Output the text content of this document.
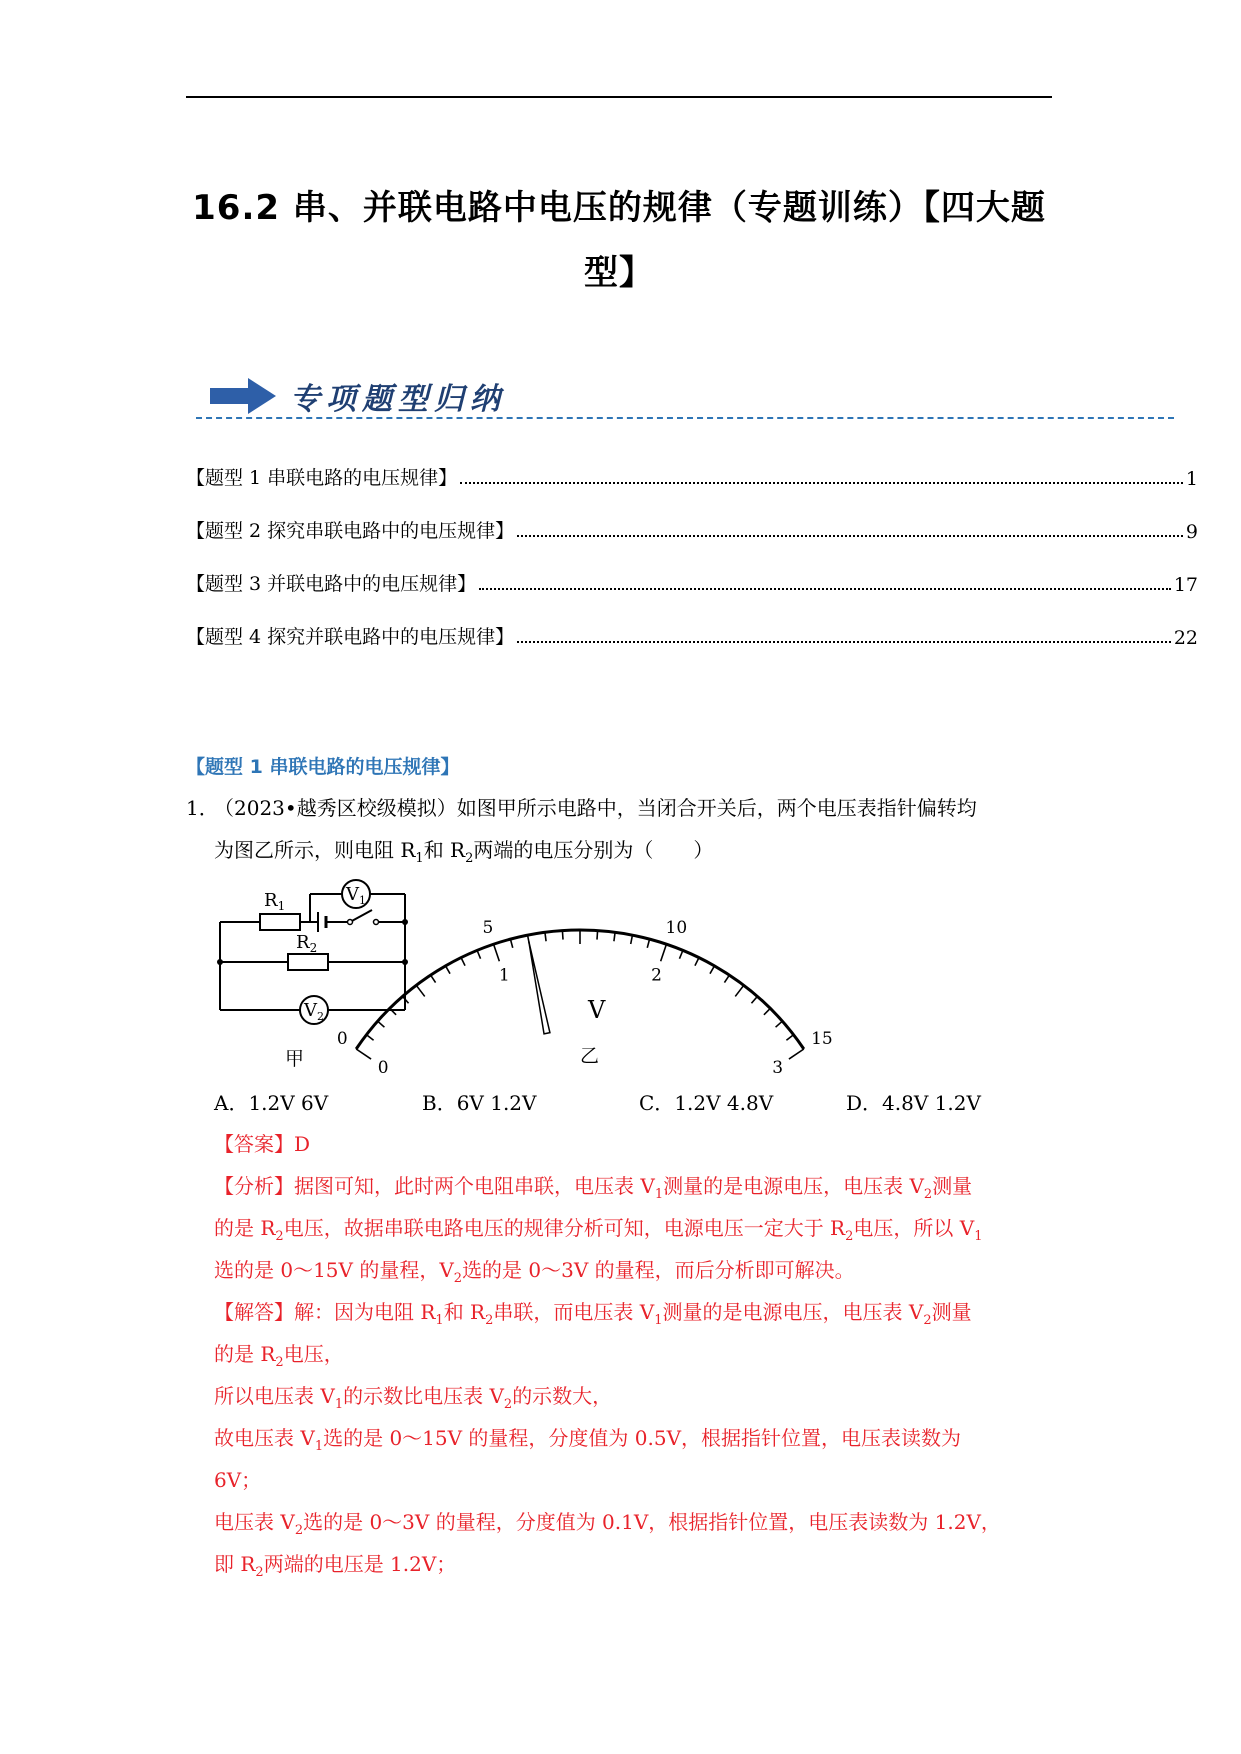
16.2 串、并联电路中电压的规律（专题训练）【四大题
型】
专项题型归纳
【题型 1 串联电路的电压规律】	1
【题型 2 探究串联电路中的电压规律】	9
【题型 3 并联电路中的电压规律】	17
【题型 4 探究并联电路中的电压规律】	22
【题型 1 串联电路的电压规律】
1．
（2023•越秀区校级模拟）如图甲所示电路中，当闭合开关后，两个电压表指针偏转均
为图乙所示，则电阻 $R_1$和 $R_2$两端的电压分别为（　　）
$R_1$
$R_2$
$V_1$
$V_2$
甲
0
5	10
15
0
1	2
3
V
乙
A．1.2V 6V	B．6V 1.2V	C．1.2V 4.8V	D．4.8V 1.2V
【答案】D
【分析】据图可知，此时两个电阻串联，电压表 $V_1$测量的是电源电压，电压表 $V_2$测量
的是 $R_2$电压，故据串联电路电压的规律分析可知，电源电压一定大于 $R_2$电压，所以 $V_1$
选的是 0～15V 的量程，$V_2$选的是 0～3V 的量程，而后分析即可解决。
【解答】解：因为电阻 $R_1$和 $R_2$串联，而电压表 $V_1$测量的是电源电压，电压表 $V_2$测量
的是 $R_2$电压，
所以电压表 $V_1$的示数比电压表 $V_2$的示数大，
故电压表 $V_1$选的是 0～15V 的量程，分度值为 0.5V，根据指针位置，电压表读数为
6V；
电压表 $V_2$选的是 0～3V 的量程，分度值为 0.1V，根据指针位置，电压表读数为 1.2V，
即 $R_2$两端的电压是 1.2V；
